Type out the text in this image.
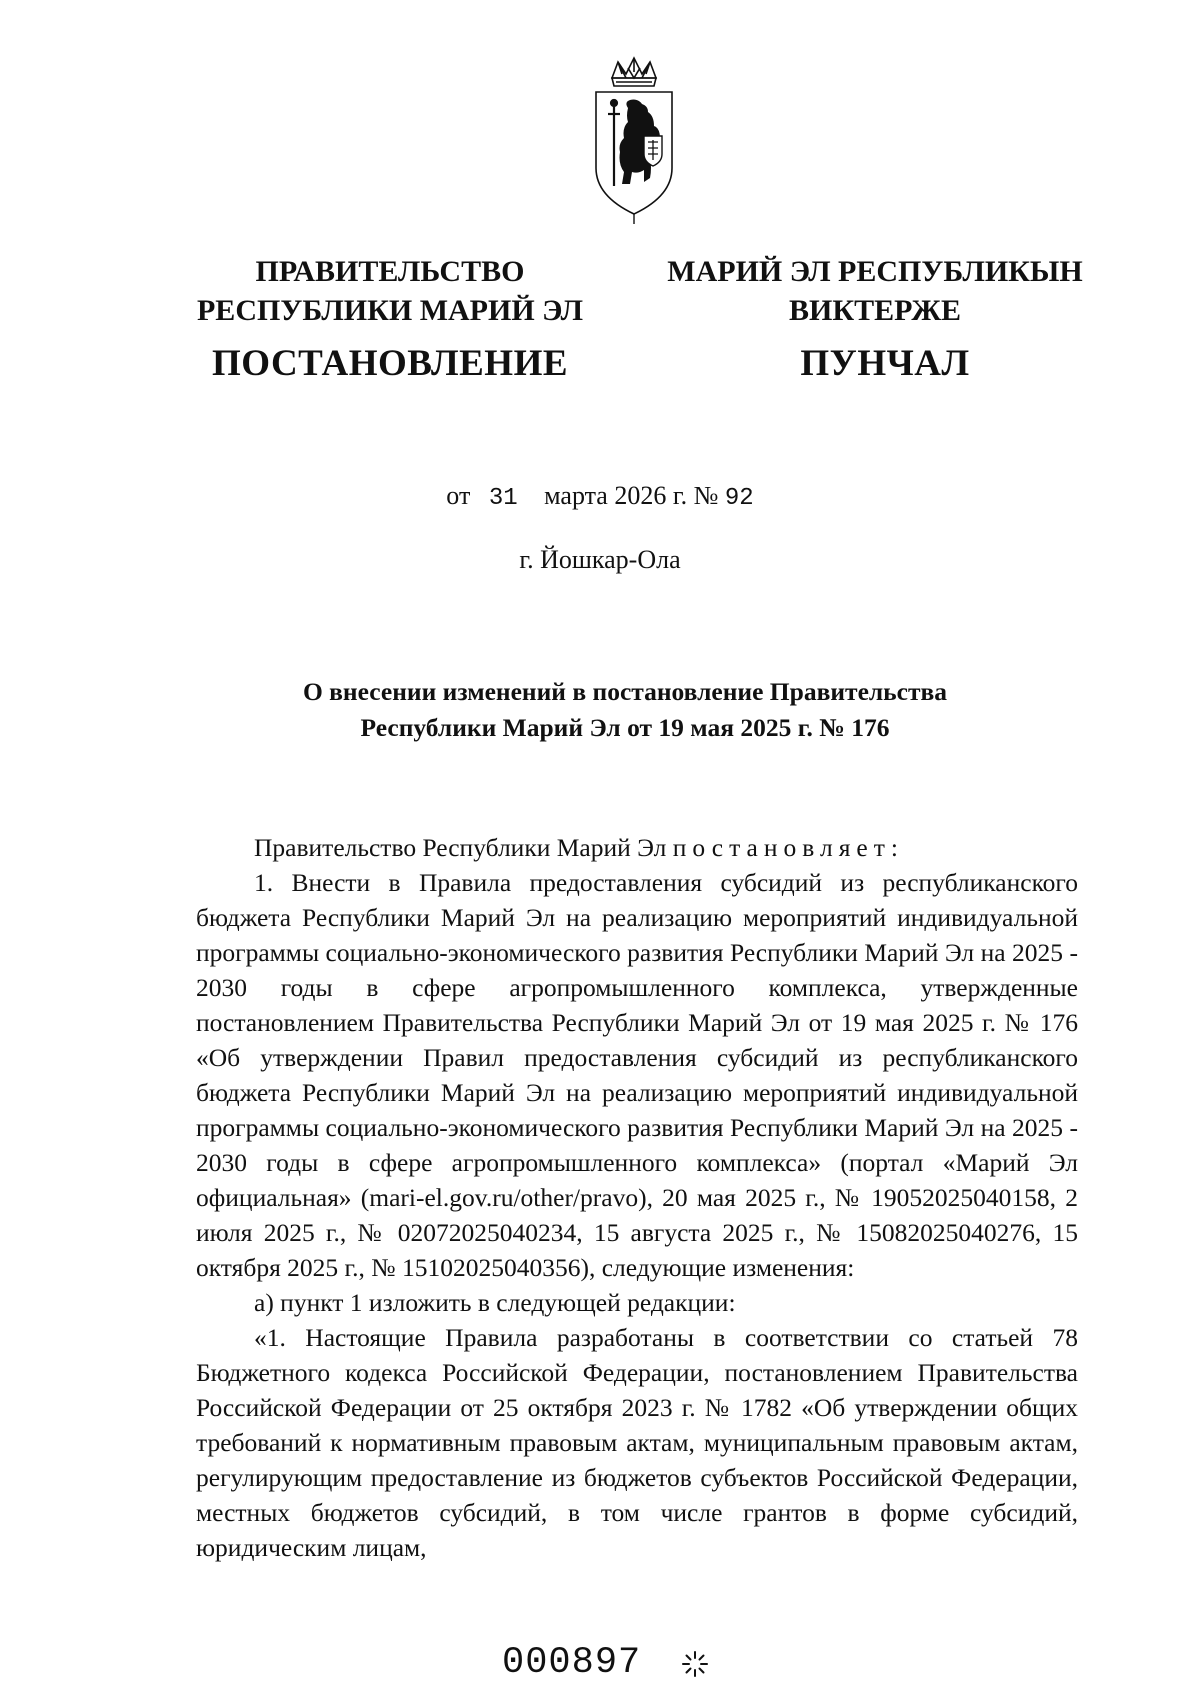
ПРАВИТЕЛЬСТВО
РЕСПУБЛИКИ МАРИЙ ЭЛ
ПОСТАНОВЛЕНИЕ
МАРИЙ ЭЛ РЕСПУБЛИКЫН
ВИКТЕРЖЕ
ПУНЧАЛ
от 31 марта 2026 г. № 92
г. Йошкар-Ола
О внесении изменений в постановление Правительства
Республики Марий Эл от 19 мая 2025 г. № 176

Правительство Республики Марий Эл постановляет:

1. Внести в Правила предоставления субсидий из республиканского бюджета Республики Марий Эл на реализацию мероприятий индивидуальной программы социально-экономического развития Республики Марий Эл на 2025 - 2030 годы в сфере агропромышленного комплекса, утвержденные постановлением Правительства Республики Марий Эл от 19 мая 2025 г. № 176 «Об утверждении Правил предоставления субсидий из республиканского бюджета Республики Марий Эл на реализацию мероприятий индивидуальной программы социально-экономического развития Республики Марий Эл на 2025 - 2030 годы в сфере агропромышленного комплекса» (портал «Марий Эл официальная» (mari-el.gov.ru/other/pravo), 20 мая 2025 г., № 19052025040158, 2 июля 2025 г., № 02072025040234, 15 августа 2025 г., № 15082025040276, 15 октября 2025 г., № 15102025040356), следующие изменения:

а) пункт 1 изложить в следующей редакции:

«1. Настоящие Правила разработаны в соответствии со статьей 78 Бюджетного кодекса Российской Федерации, постановлением Правительства Российской Федерации от 25 октября 2023 г. № 1782 «Об утверждении общих требований к нормативным правовым актам, муниципальным правовым актам, регулирующим предоставление из бюджетов субъектов Российской Федерации, местных бюджетов субсидий, в том числе грантов в форме субсидий, юридическим лицам,

000897
